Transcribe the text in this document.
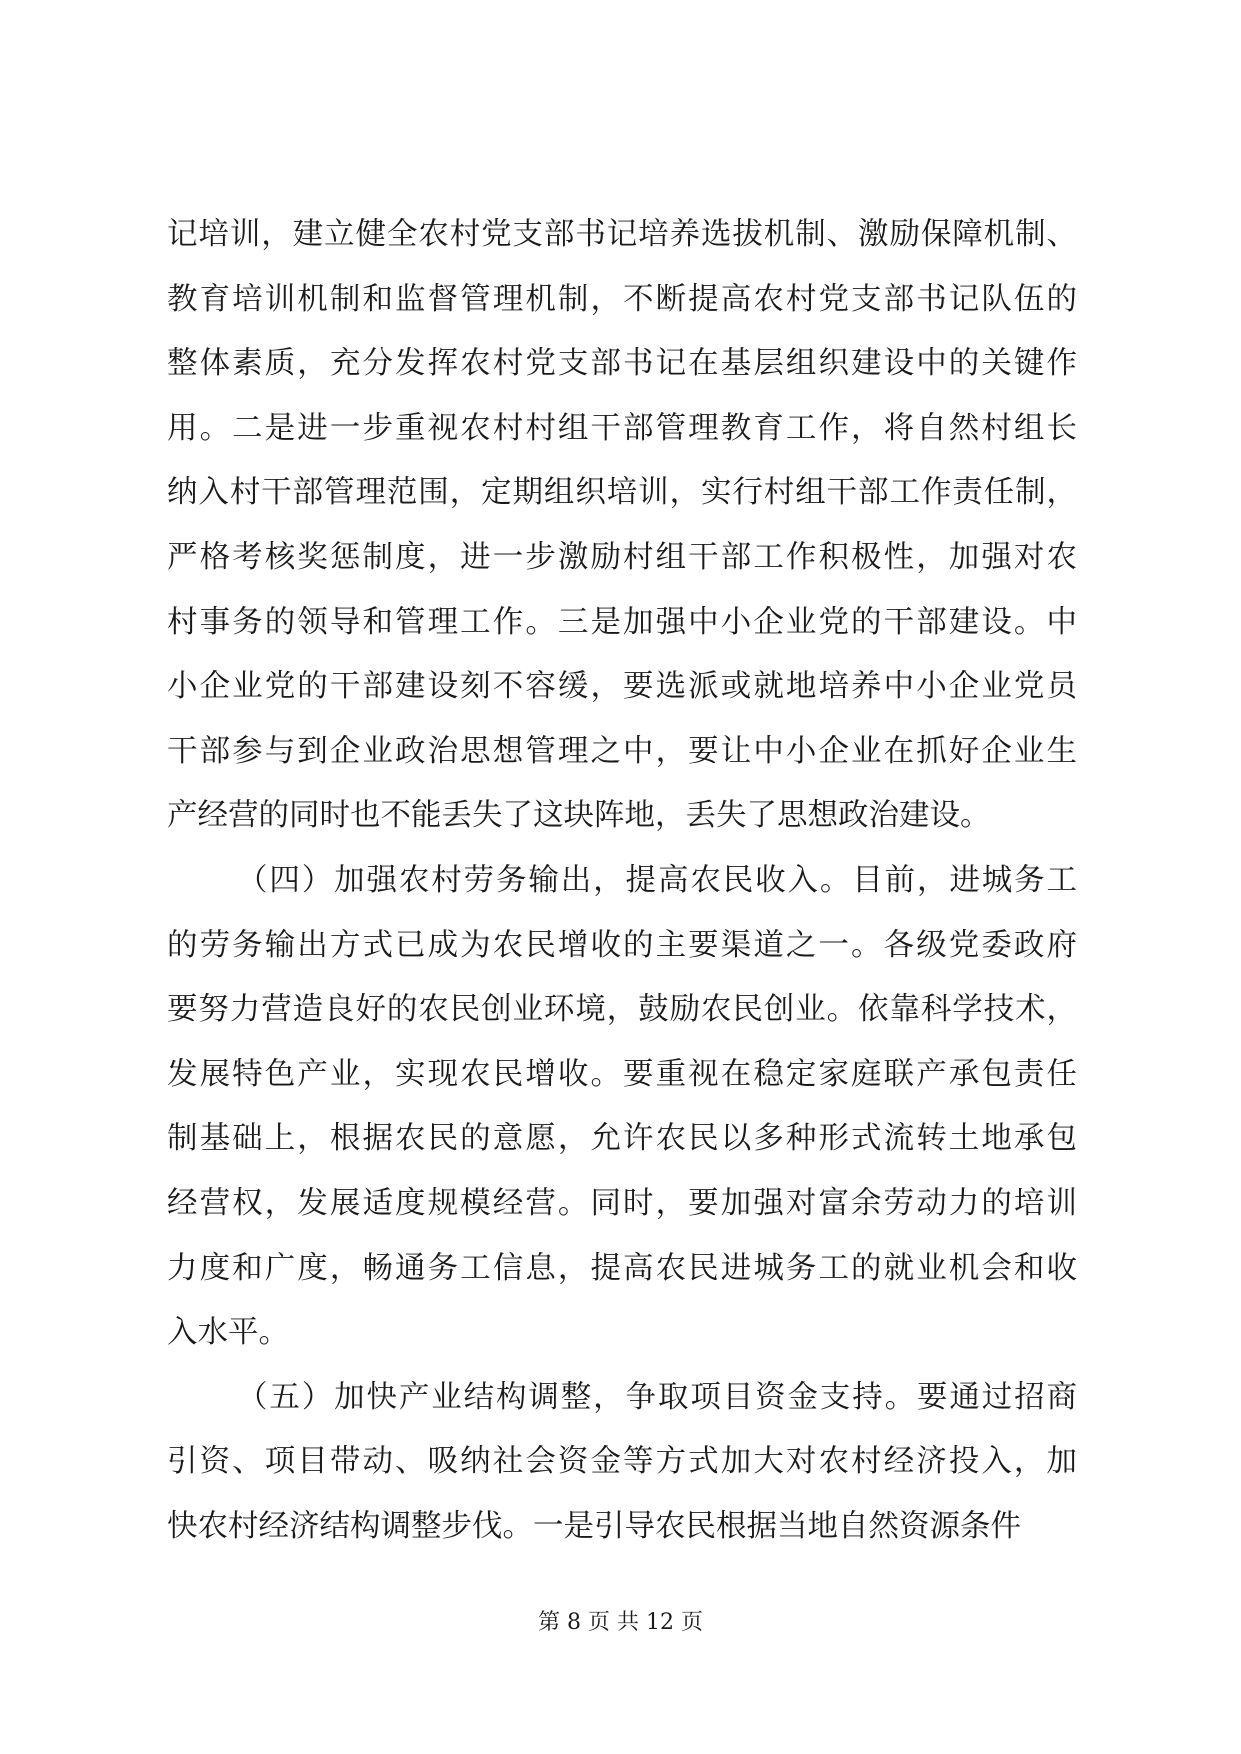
记培训，建立健全农村党支部书记培养选拔机制、激励保障机制、
教育培训机制和监督管理机制，不断提高农村党支部书记队伍的
整体素质，充分发挥农村党支部书记在基层组织建设中的关键作
用。二是进一步重视农村村组干部管理教育工作，将自然村组长
纳入村干部管理范围，定期组织培训，实行村组干部工作责任制，
严格考核奖惩制度，进一步激励村组干部工作积极性，加强对农
村事务的领导和管理工作。三是加强中小企业党的干部建设。中
小企业党的干部建设刻不容缓，要选派或就地培养中小企业党员
干部参与到企业政治思想管理之中，要让中小企业在抓好企业生
产经营的同时也不能丢失了这块阵地，丢失了思想政治建设。
（四）加强农村劳务输出，提高农民收入。目前，进城务工
的劳务输出方式已成为农民增收的主要渠道之一。各级党委政府
要努力营造良好的农民创业环境，鼓励农民创业。依靠科学技术，
发展特色产业，实现农民增收。要重视在稳定家庭联产承包责任
制基础上，根据农民的意愿，允许农民以多种形式流转土地承包
经营权，发展适度规模经营。同时，要加强对富余劳动力的培训
力度和广度，畅通务工信息，提高农民进城务工的就业机会和收
入水平。
（五）加快产业结构调整，争取项目资金支持。要通过招商
引资、项目带动、吸纳社会资金等方式加大对农村经济投入，加
快农村经济结构调整步伐。一是引导农民根据当地自然资源条件
第 8 页 共 12 页
